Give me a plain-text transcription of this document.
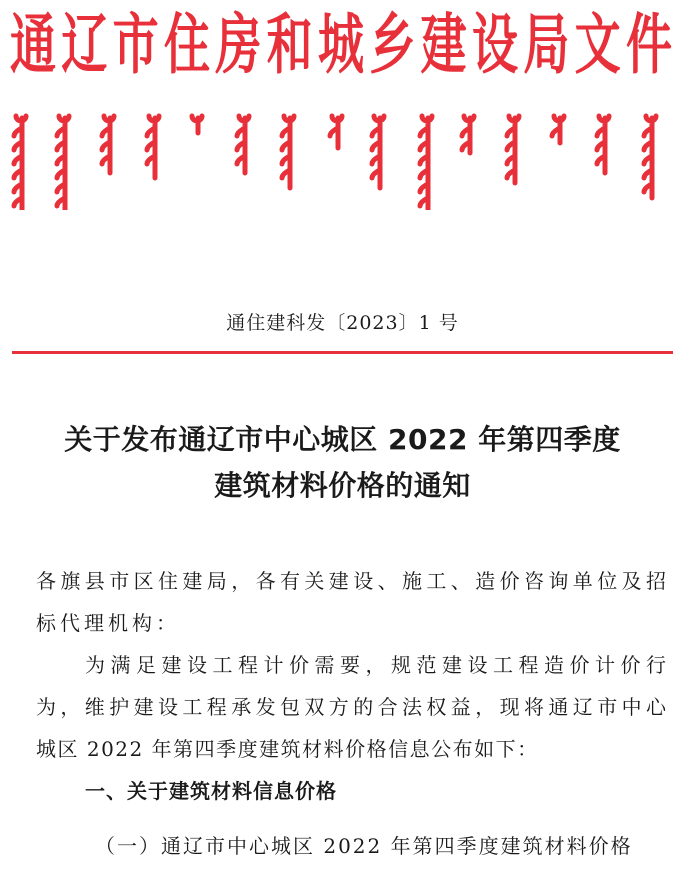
通辽市住房和城乡建设局文件
通住建科发〔2023〕1 号
关于发布通辽市中心城区 2022 年第四季度
建筑材料价格的通知
各旗县市区住建局，各有关建设、施工、造价咨询单位及招
标代理机构：
为满足建设工程计价需要，规范建设工程造价计价行
为，维护建设工程承发包双方的合法权益，现将通辽市中心
城区 2022 年第四季度建筑材料价格信息公布如下：
一、关于建筑材料信息价格
（一）通辽市中心城区 2022 年第四季度建筑材料价格
